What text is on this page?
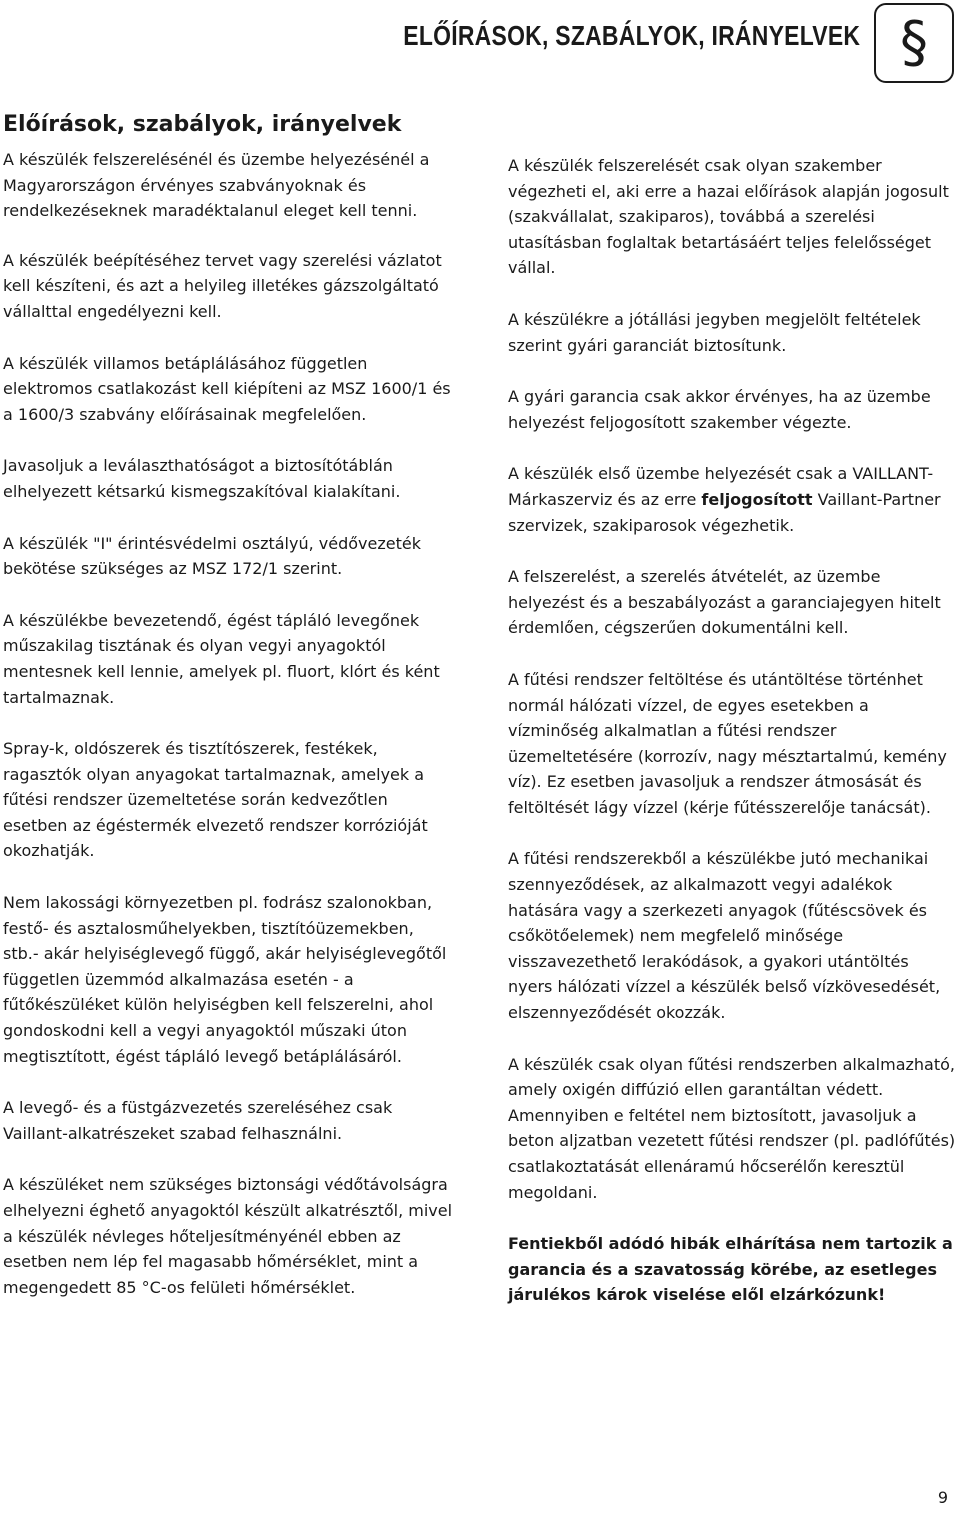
ELŐÍRÁSOK, SZABÁLYOK, IRÁNYELVEK §
Előírások, szabályok, irányelvek

A készülék felszerelésénél és üzembe helyezésénél a Magyarországon érvényes szabványoknak és rendelkezéseknek maradéktalanul eleget kell tenni.

A készülék beépítéséhez tervet vagy szerelési vázlatot kell készíteni, és azt a helyileg illetékes gázszolgáltató vállalttal engedélyezni kell.

A készülék villamos betáplálásához független elektromos csatlakozást kell kiépíteni az MSZ 1600/1 és a 1600/3 szabvány előírásainak megfelelően.

Javasoljuk a leválaszthatóságot a biztosítótáblán elhelyezett kétsarkú kismegszakítóval kialakítani.

A készülék "I" érintésvédelmi osztályú, védővezeték bekötése szükséges az MSZ 172/1 szerint.

A készülékbe bevezetendő, égést tápláló levegőnek műszakilag tisztának és olyan vegyi anyagoktól mentesnek kell lennie, amelyek pl. fluort, klórt és ként tartalmaznak.

Spray-k, oldószerek és tisztítószerek, festékek, ragasztók olyan anyagokat tartalmaznak, amelyek a fűtési rendszer üzemeltetése során kedvezőtlen esetben az égéstermék elvezető rendszer korrózióját okozhatják.

Nem lakossági környezetben pl. fodrász szalonokban, festő- és asztalosműhelyekben, tisztítóüzemekben, stb.- akár helyiséglevegő függő, akár helyiséglevegőtől független üzemmód alkalmazása esetén - a fűtőkészüléket külön helyiségben kell felszerelni, ahol gondoskodni kell a vegyi anyagoktól műszaki úton megtisztított, égést tápláló levegő betáplálásáról.

A levegő- és a füstgázvezetés szereléséhez csak Vaillant-alkatrészeket szabad felhasználni.

A készüléket nem szükséges biztonsági védőtávolságra elhelyezni éghető anyagoktól készült alkatrésztől, mivel a készülék névleges hőteljesítményénél ebben az esetben nem lép fel magasabb hőmérséklet, mint a megengedett 85 °C-os felületi hőmérséklet.

A készülék felszerelését csak olyan szakember végezheti el, aki erre a hazai előírások alapján jogosult (szakvállalat, szakiparos), továbbá a szerelési utasításban foglaltak betartásáért teljes felelősséget vállal.

A készülékre a jótállási jegyben megjelölt feltételek szerint gyári garanciát biztosítunk.

A gyári garancia csak akkor érvényes, ha az üzembe helyezést feljogosított szakember végezte.

A készülék első üzembe helyezését csak a VAILLANT-Márkaszerviz és az erre feljogosított Vaillant-Partner szervizek, szakiparosok végezhetik.

A felszerelést, a szerelés átvételét, az üzembe helyezést és a beszabályozást a garanciajegyen hitelt érdemlően, cégszerűen dokumentálni kell.

A fűtési rendszer feltöltése és utántöltése történhet normál hálózati vízzel, de egyes esetekben a vízminőség alkalmatlan a fűtési rendszer üzemeltetésére (korrozív, nagy mésztartalmú, kemény víz). Ez esetben javasoljuk a rendszer átmosását és feltöltését lágy vízzel (kérje fűtésszerelője tanácsát).

A fűtési rendszerekből a készülékbe jutó mechanikai szennyeződések, az alkalmazott vegyi adalékok hatására vagy a szerkezeti anyagok (fűtéscsövek és csőkötőelemek) nem megfelelő minősége visszavezethető lerakódások, a gyakori utántöltés nyers hálózati vízzel a készülék belső vízkövesedését, elszennyeződését okozzák.

A készülék csak olyan fűtési rendszerben alkalmazható, amely oxigén diffúzió ellen garantáltan védett. Amennyiben e feltétel nem biztosított, javasoljuk a beton aljzatban vezetett fűtési rendszer (pl. padlófűtés) csatlakoztatását ellenáramú hőcserélőn keresztül megoldani.

Fentiekből adódó hibák elhárítása nem tartozik a garancia és a szavatosság körébe, az esetleges járulékos károk viselése elől elzárkózunk!

9
